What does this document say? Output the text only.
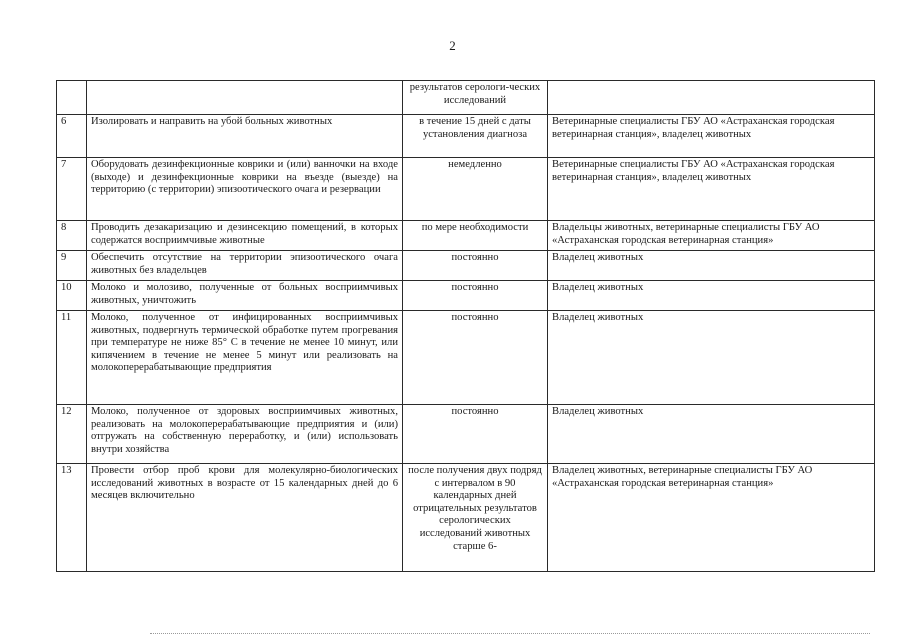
2
		результатов серологи-ческих исследований	
6	Изолировать и направить на убой больных животных	в течение 15 дней с даты установления диагноза	Ветеринарные специалисты ГБУ АО «Астраханская городская ветеринарная станция», владелец животных
7	Оборудовать дезинфекционные коврики и (или) ванночки на входе (выходе) и дезинфекционные коврики на въезде (выезде) на территорию (с территории) эпизоотического очага и резервации	немедленно	Ветеринарные специалисты ГБУ АО «Астраханская городская ветеринарная станция», владелец животных
8	Проводить дезакаризацию и дезинсекцию помещений, в которых содержатся восприимчивые животные	по мере необходимости	Владельцы животных, ветеринарные специалисты ГБУ АО «Астраханская городская ветеринарная станция»
9	Обеспечить отсутствие на территории эпизоотического очага животных без владельцев	постоянно	Владелец животных
10	Молоко и молозиво, полученные от больных восприимчивых животных, уничтожить	постоянно	Владелец животных
11	Молоко, полученное от инфицированных восприимчивых животных, подвергнуть термической обработке путем прогревания при температуре не ниже 85° С в течение не менее 10 минут, или кипячением в течение не менее 5 минут или реализовать на молокоперерабатывающие предприятия	постоянно	Владелец животных
12	Молоко, полученное от здоровых восприимчивых животных, реализовать на молокоперерабатывающие предприятия и (или) отгружать на собственную переработку, и (или) использовать внутри хозяйства	постоянно	Владелец животных
13	Провести отбор проб крови для молекулярно-биологических исследований животных в возрасте от 15 календарных дней до 6 месяцев включительно	после получения двух подряд с интервалом в 90 календарных дней отрицательных результатов серологических исследований животных старше 6-	Владелец животных, ветеринарные специалисты ГБУ АО «Астраханская городская ветеринарная станция»
